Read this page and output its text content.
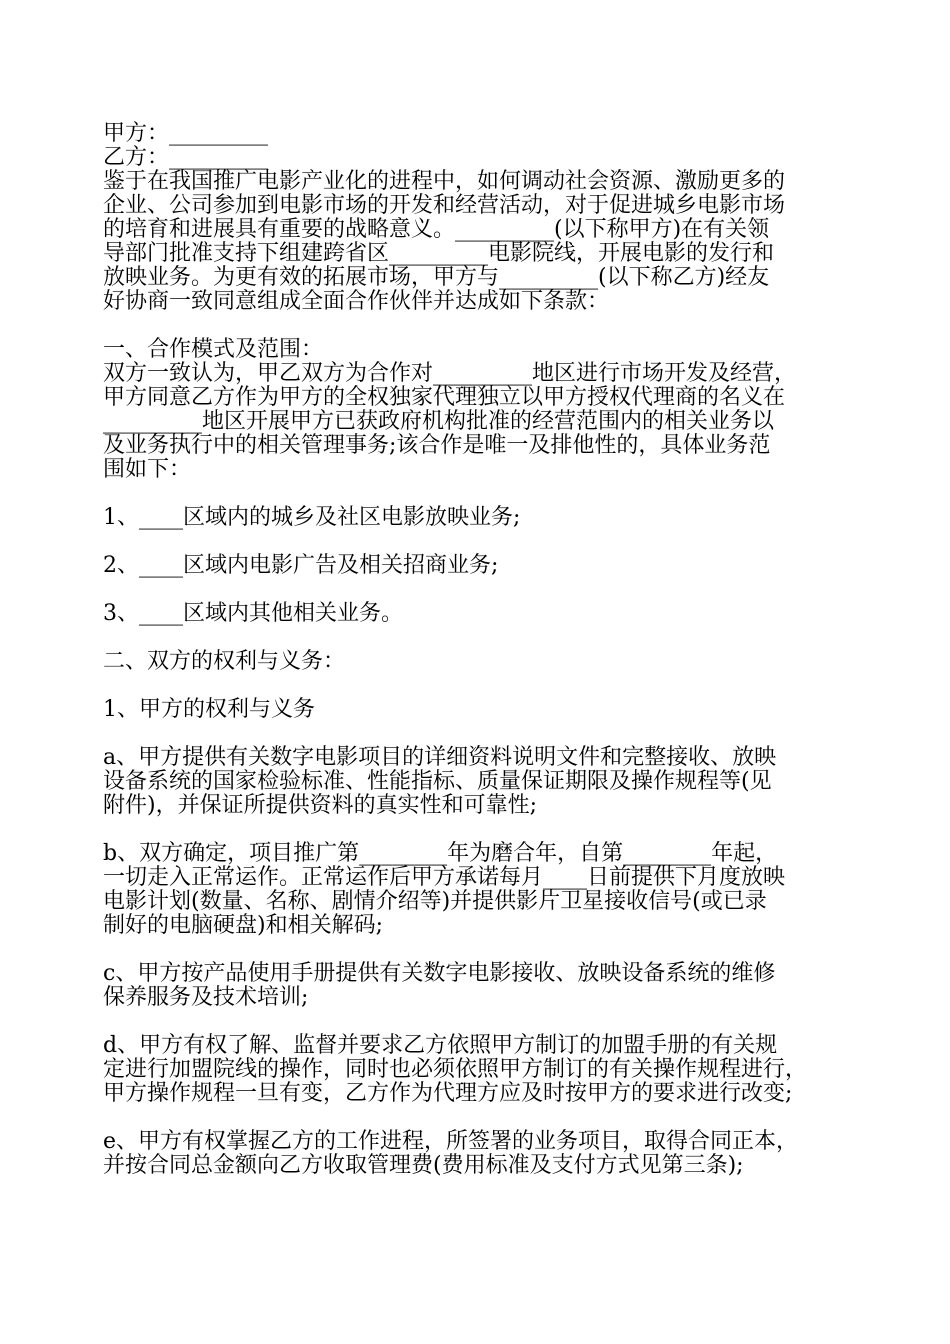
甲方：_________
乙方：_________
鉴于在我国推广电影产业化的进程中，如何调动社会资源、激励更多的
企业、公司参加到电影市场的开发和经营活动，对于促进城乡电影市场
的培育和进展具有重要的战略意义。_________(以下称甲方)在有关领
导部门批准支持下组建跨省区_________电影院线，开展电影的发行和
放映业务。为更有效的拓展市场，甲方与_________(以下称乙方)经友
好协商一致同意组成全面合作伙伴并达成如下条款：
一、合作模式及范围：
双方一致认为，甲乙双方为合作对_________地区进行市场开发及经营，
甲方同意乙方作为甲方的全权独家代理独立以甲方授权代理商的名义在
_________地区开展甲方已获政府机构批准的经营范围内的相关业务以
及业务执行中的相关管理事务;该合作是唯一及排他性的，具体业务范
围如下：
1、____区域内的城乡及社区电影放映业务;
2、____区域内电影广告及相关招商业务;
3、____区域内其他相关业务。
二、双方的权利与义务：
1、甲方的权利与义务
a、甲方提供有关数字电影项目的详细资料说明文件和完整接收、放映
设备系统的国家检验标准、性能指标、质量保证期限及操作规程等(见
附件)，并保证所提供资料的真实性和可靠性;
b、双方确定，项目推广第________年为磨合年，自第________年起，
一切走入正常运作。正常运作后甲方承诺每月____日前提供下月度放映
电影计划(数量、名称、剧情介绍等)并提供影片卫星接收信号(或已录
制好的电脑硬盘)和相关解码;
c、甲方按产品使用手册提供有关数字电影接收、放映设备系统的维修
保养服务及技术培训;
d、甲方有权了解、监督并要求乙方依照甲方制订的加盟手册的有关规
定进行加盟院线的操作，同时也必须依照甲方制订的有关操作规程进行，
甲方操作规程一旦有变，乙方作为代理方应及时按甲方的要求进行改变;
e、甲方有权掌握乙方的工作进程，所签署的业务项目，取得合同正本，
并按合同总金额向乙方收取管理费(费用标准及支付方式见第三条);
